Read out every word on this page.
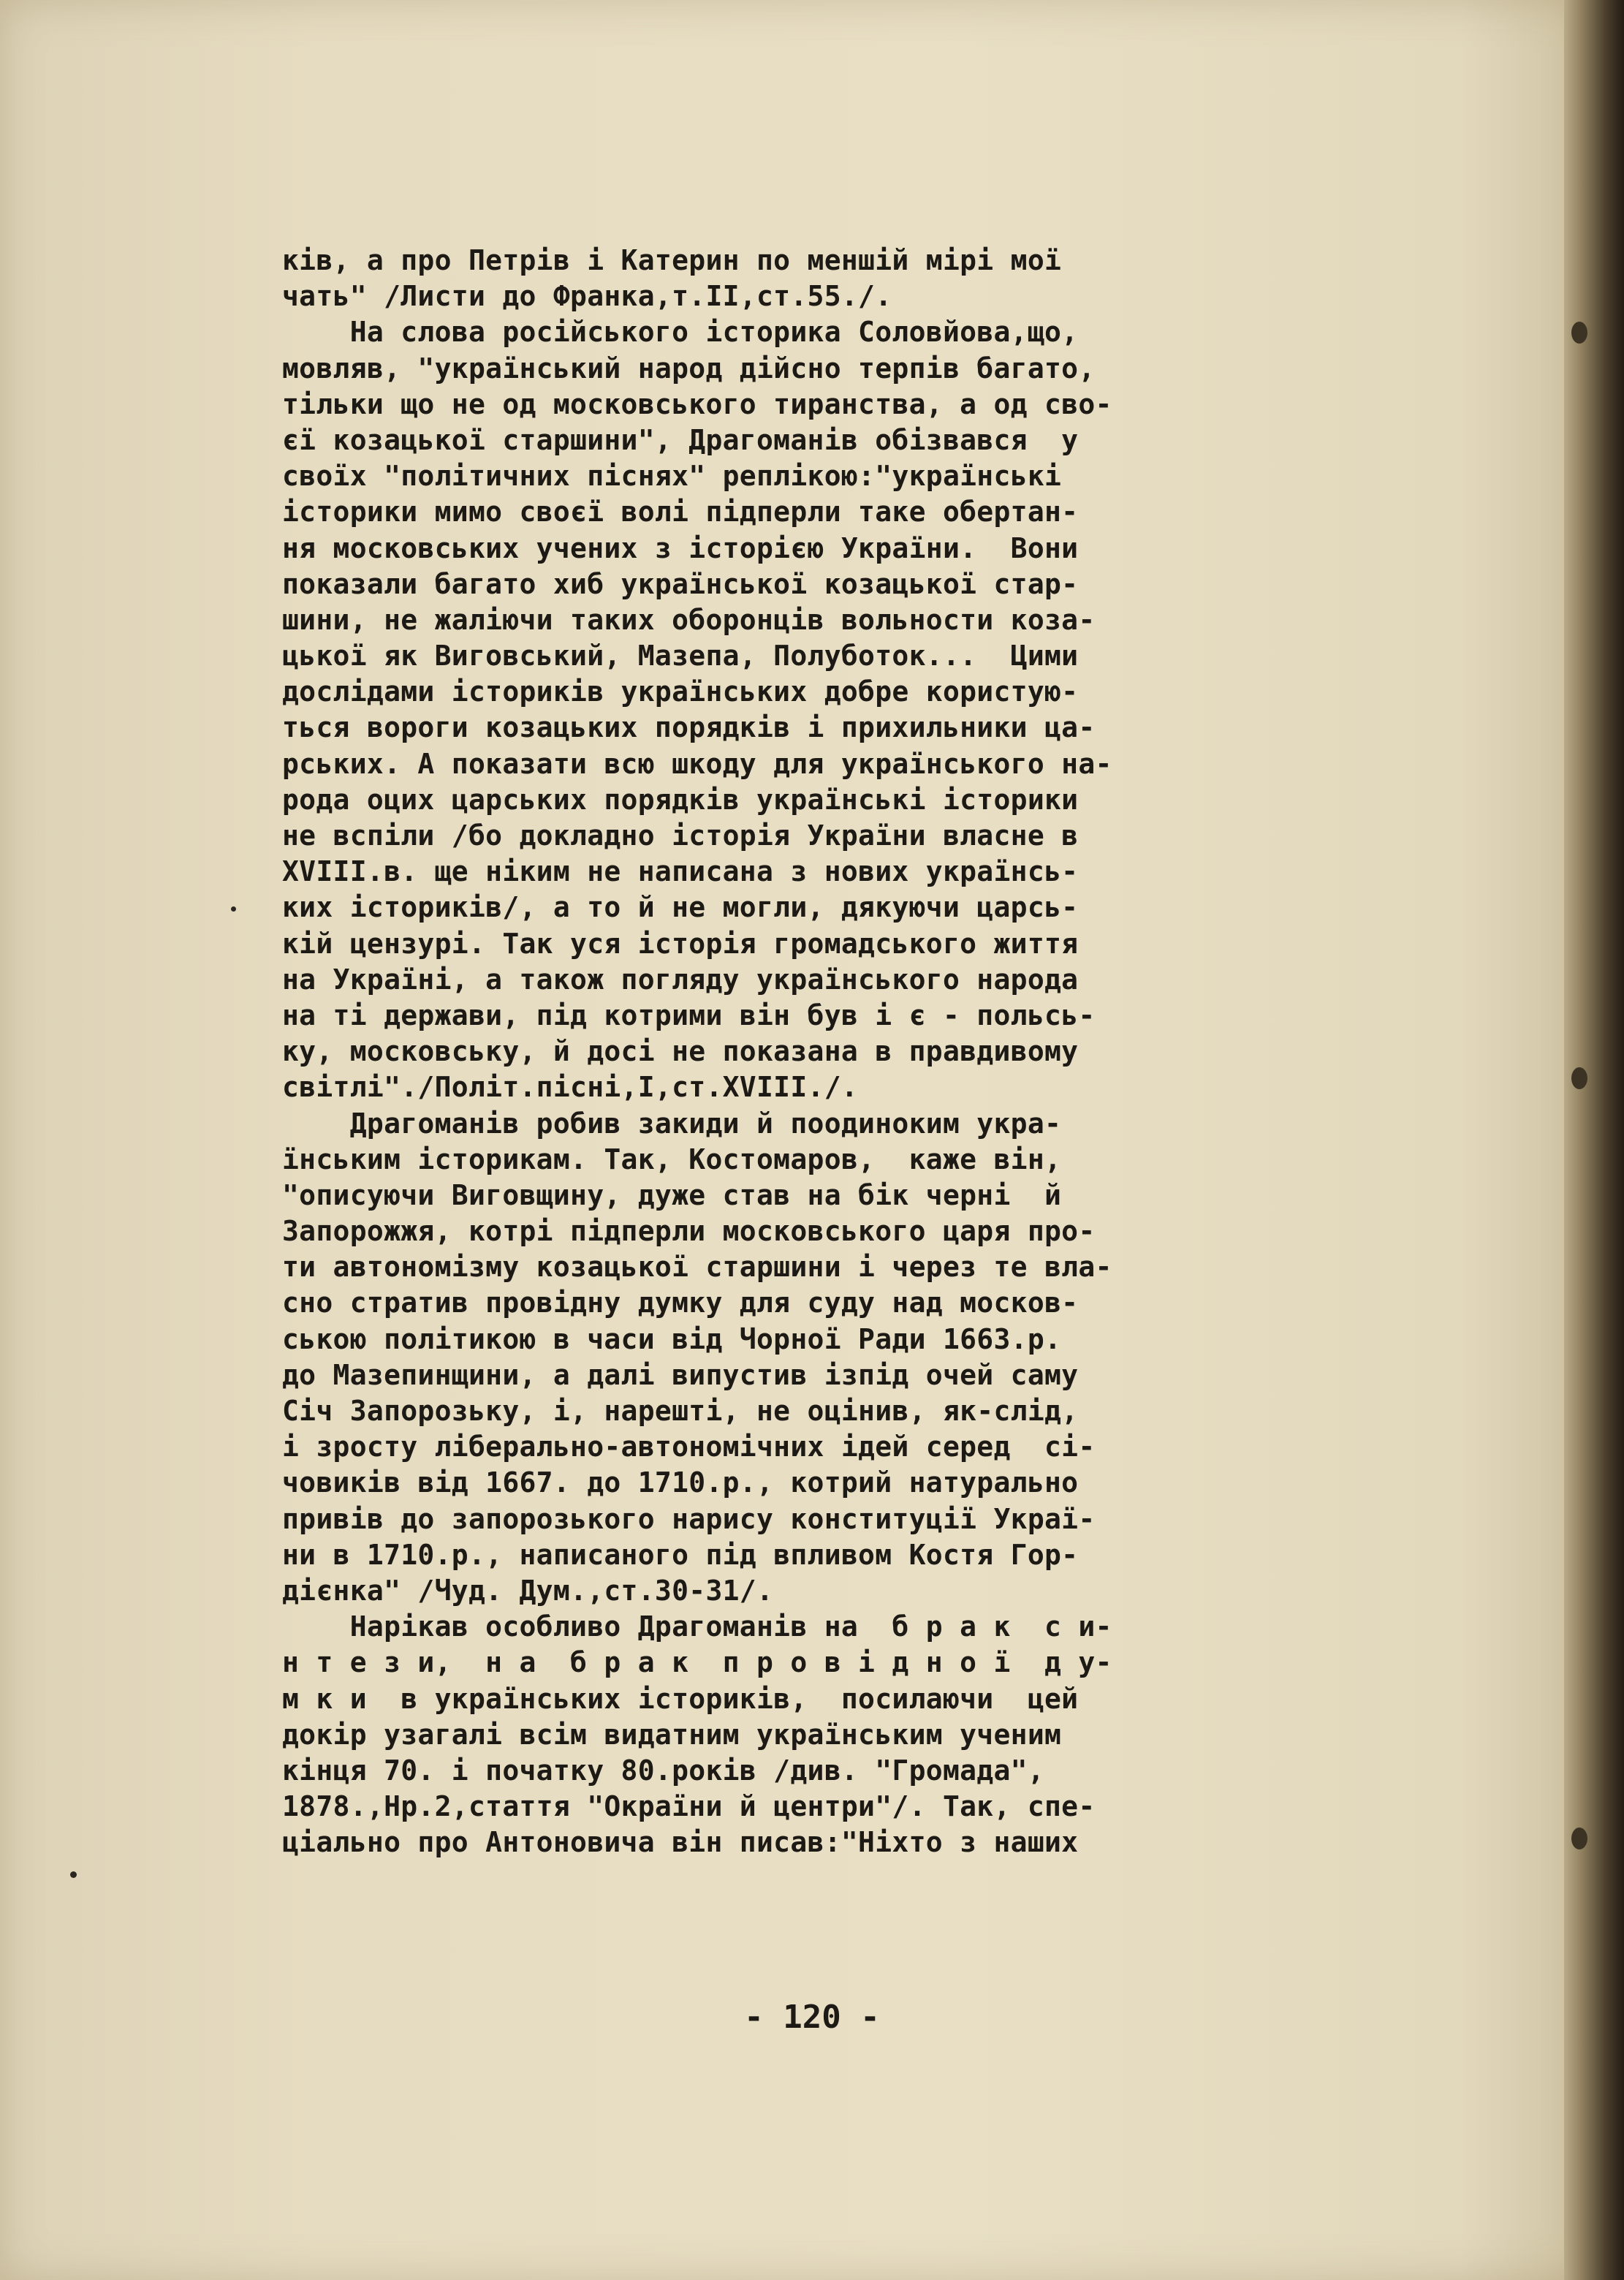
ків, а про Петрів і Катерин по меншій мірі мої
чать" /Листи до Франка,т.II,ст.55./.
На слова російського історика Соловйова,що,
мовляв, "український народ дійсно терпів багато,
тільки що не од московського тиранства, а од сво-
єї козацької старшини", Драгоманів обізвався  у
своїх "політичних піснях" реплікою:"українські
історики мимо своєї волі підперли таке обертан-
ня московських учених з історією України.  Вони
показали багато хиб української козацької стар-
шини, не жаліючи таких оборонців вольности коза-
цької як Виговський, Мазепа, Полуботок...  Цими
дослідами істориків українських добре користую-
ться вороги козацьких порядків і прихильники ца-
рських. А показати всю шкоду для українського на-
рода оцих царських порядків українські історики
не вспіли /бо докладно історія України власне в
XVIII.в. ще ніким не написана з нових українсь-
ких істориків/, а то й не могли, дякуючи царсь-
кій цензурі. Так уся історія громадського життя
на Україні, а також погляду українського народа
на ті держави, під котрими він був і є - польсь-
ку, московську, й досі не показана в правдивому
світлі"./Політ.пісні,I,ст.XVIII./.
Драгоманів робив закиди й поодиноким укра-
їнським історикам. Так, Костомаров,  каже він,
"описуючи Виговщину, дуже став на бік черні  й
Запорожжя, котрі підперли московського царя про-
ти автономізму козацької старшини і через те вла-
сно стратив провідну думку для суду над москов-
ською політикою в часи від Чорної Ради 1663.р.
до Мазепинщини, а далі випустив ізпід очей саму
Січ Запорозьку, і, нарешті, не оцінив, як-слід,
і зросту ліберально-автономічних ідей серед  сі-
човиків від 1667. до 1710.р., котрий натурально
привів до запорозького нарису конституції Украї-
ни в 1710.р., написаного під впливом Костя Гор-
дієнка" /Чуд. Дум.,ст.30-31/.
Нарікав особливо Драгоманів на  б р а к  с и-
н т е з и,  н а  б р а к  п р о в і д н о ї  д у-
м к и  в українських істориків,  посилаючи  цей
докір узагалі всім видатним українським ученим
кінця 70. і початку 80.років /див. "Громада",
1878.,Нр.2,стаття "Окраїни й центри"/. Так, спе-
ціально про Антоновича він писав:"Ніхто з наших
- 120 -
